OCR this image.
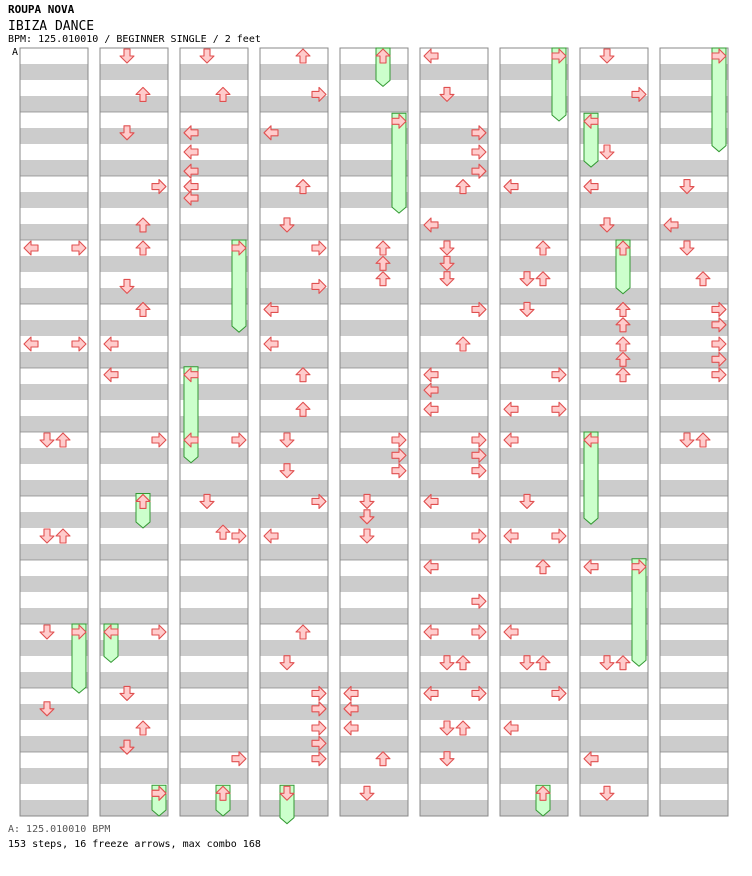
ROUPA NOVA
IBIZA DANCE
BPM: 125.010010 / BEGINNER SINGLE / 2 feet
A
A: 125.010010 BPM
153 steps, 16 freeze arrows, max combo 168
